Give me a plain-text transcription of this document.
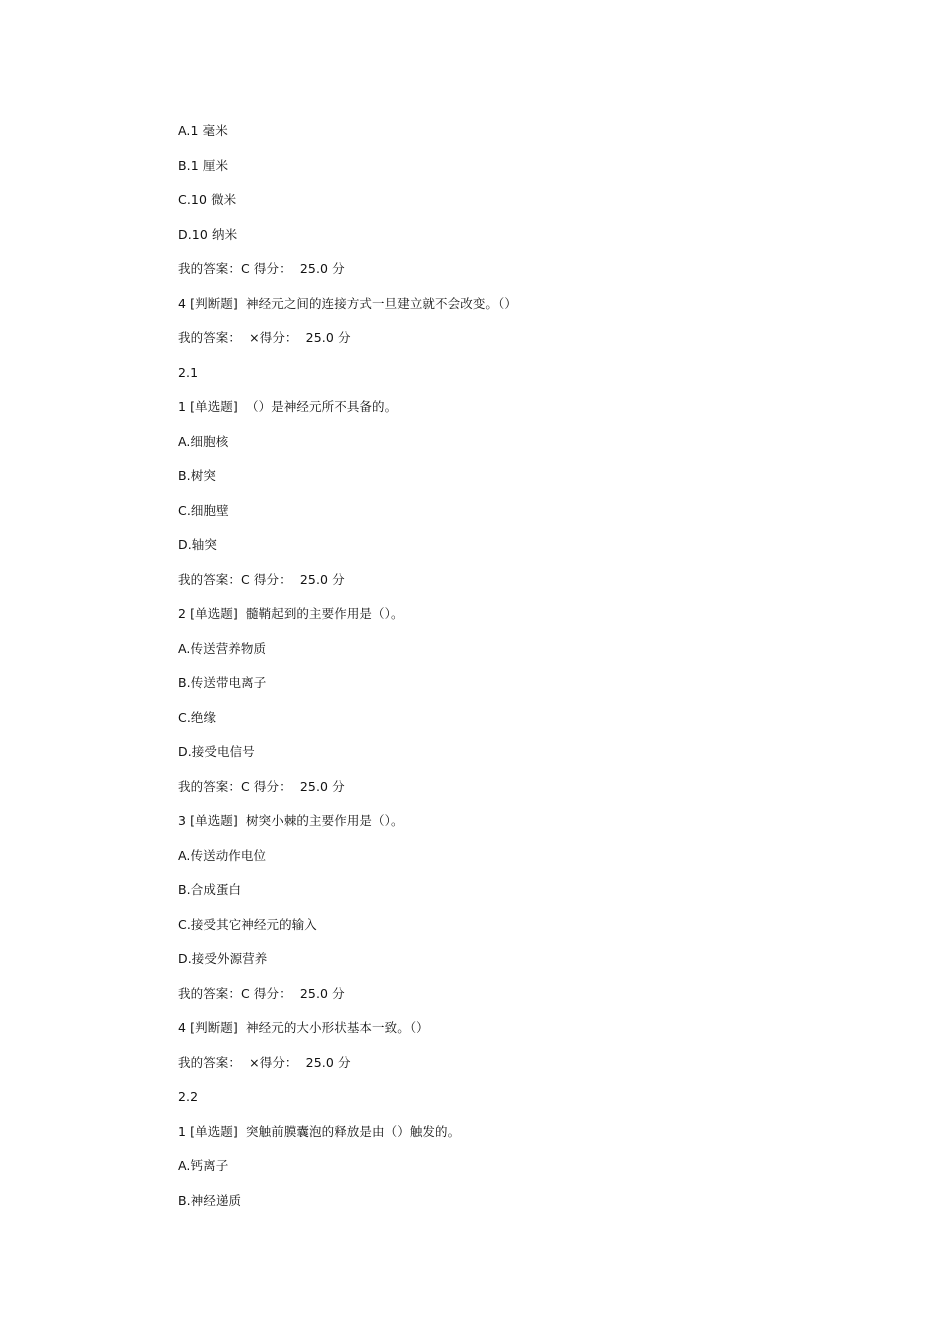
A.1 毫米
B.1 厘米
C.10 微米
D.10 纳米
我的答案：C 得分：  25.0 分
4 [判断题]  神经元之间的连接方式一旦建立就不会改变。（）
我的答案：  ×得分：  25.0 分
2.1
1 [单选题]  （）是神经元所不具备的。
A.细胞核
B.树突
C.细胞壁
D.轴突
我的答案：C 得分：  25.0 分
2 [单选题]  髓鞘起到的主要作用是（）。
A.传送营养物质
B.传送带电离子
C.绝缘
D.接受电信号
我的答案：C 得分：  25.0 分
3 [单选题]  树突小棘的主要作用是（）。
A.传送动作电位
B.合成蛋白
C.接受其它神经元的输入
D.接受外源营养
我的答案：C 得分：  25.0 分
4 [判断题]  神经元的大小形状基本一致。（）
我的答案：  ×得分：  25.0 分
2.2
1 [单选题]  突触前膜囊泡的释放是由（）触发的。
A.钙离子
B.神经递质
